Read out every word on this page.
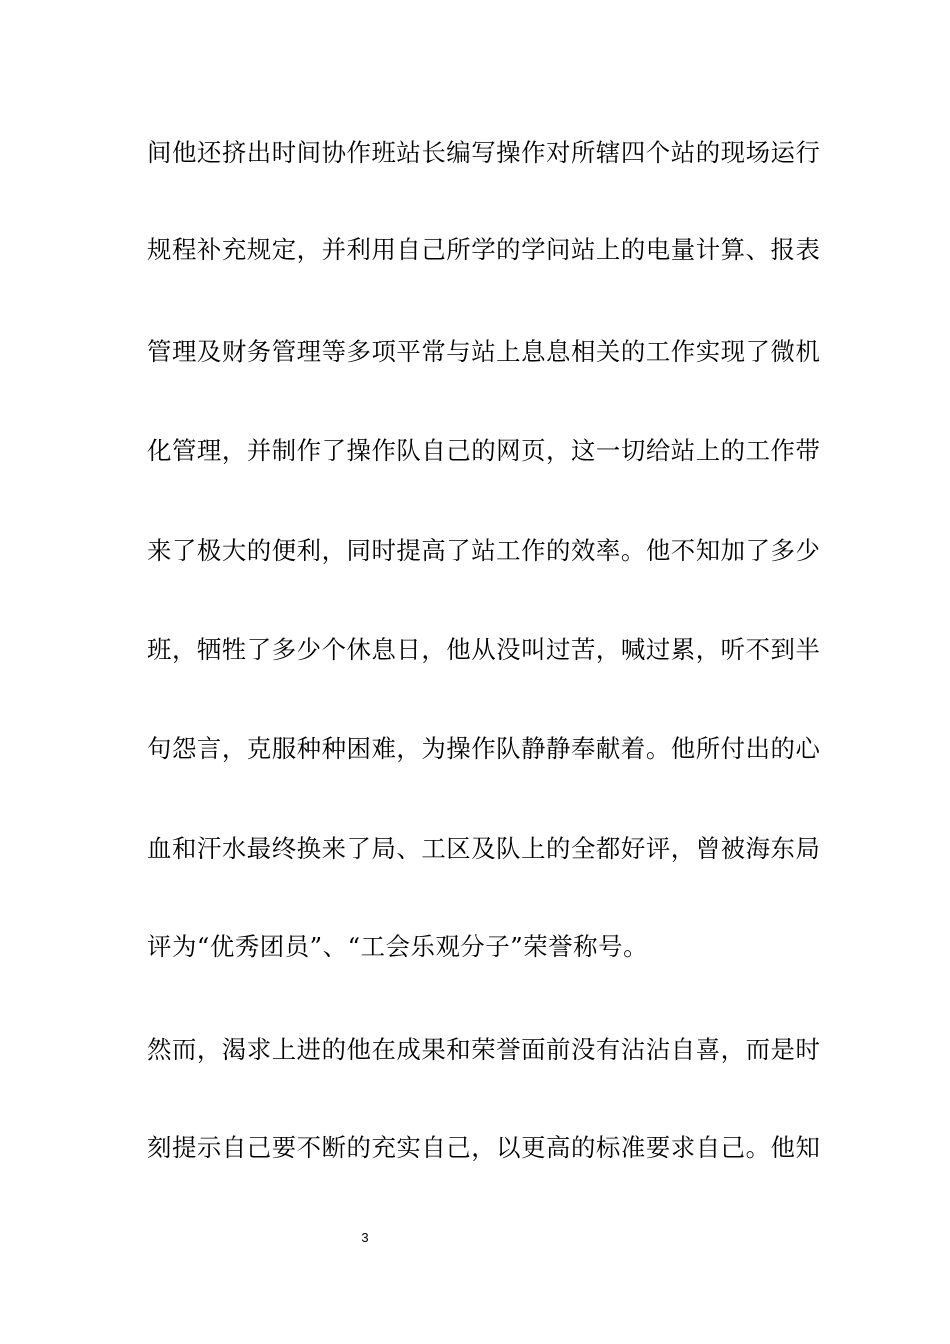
间他还挤出时间协作班站长编写操作对所辖四个站的现场运行
规程补充规定，并利用自己所学的学问站上的电量计算、报表
管理及财务管理等多项平常与站上息息相关的工作实现了微机
化管理，并制作了操作队自己的网页，这一切给站上的工作带
来了极大的便利，同时提高了站工作的效率。他不知加了多少
班，牺牲了多少个休息日，他从没叫过苦，喊过累，听不到半
句怨言，克服种种困难，为操作队静静奉献着。他所付出的心
血和汗水最终换来了局、工区及队上的全都好评，曾被海东局
评为“优秀团员”、“工会乐观分子”荣誉称号。
然而，渴求上进的他在成果和荣誉面前没有沾沾自喜，而是时
刻提示自己要不断的充实自己，以更高的标准要求自己。他知
3
